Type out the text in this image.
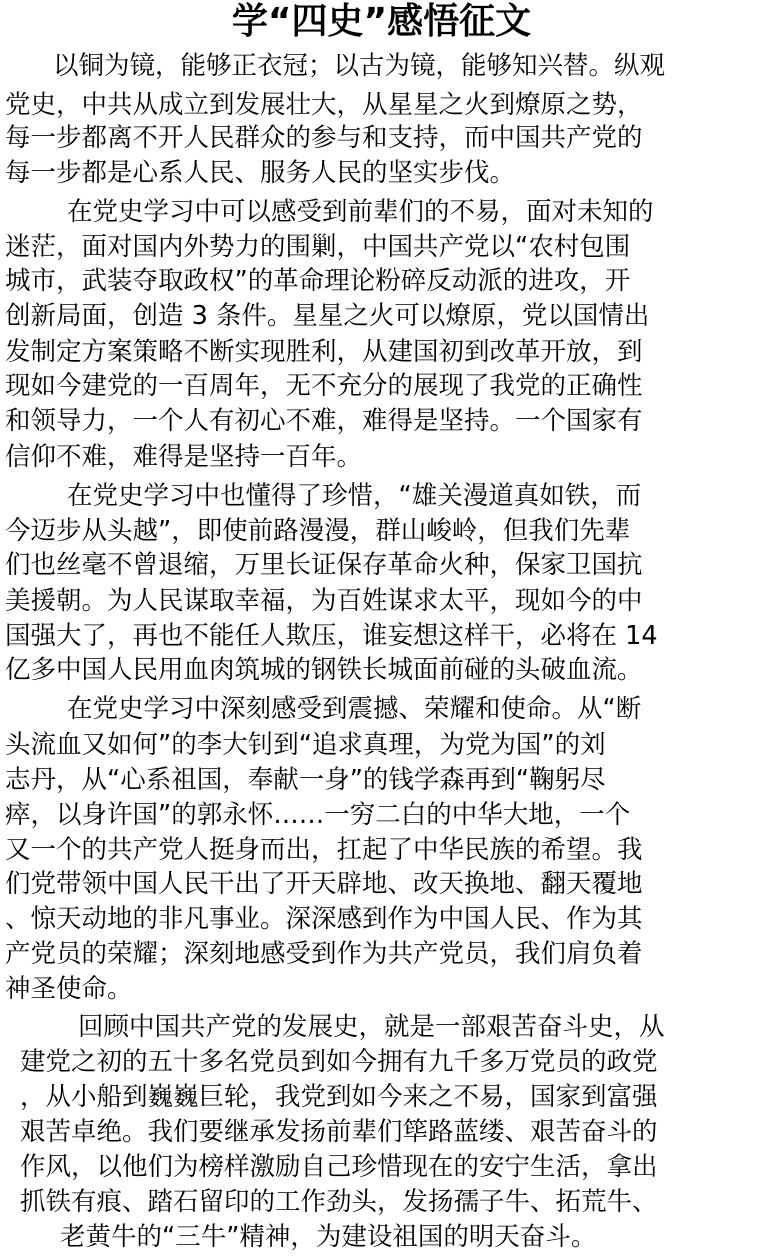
学“四史”感悟征文
以铜为镜，能够正衣冠；以古为镜，能够知兴替。纵观
党史，中共从成立到发展壮大，从星星之火到燎原之势，
每一步都离不开人民群众的参与和支持，而中国共产党的
每一步都是心系人民、服务人民的坚实步伐。
在党史学习中可以感受到前辈们的不易，面对未知的
迷茫，面对国内外势力的围剿，中国共产党以“农村包围
城市，武装夺取政权”的革命理论粉碎反动派的进攻，开
创新局面，创造 3 条件。星星之火可以燎原，党以国情出
发制定方案策略不断实现胜利，从建国初到改革开放，到
现如今建党的一百周年，无不充分的展现了我党的正确性
和领导力，一个人有初心不难，难得是坚持。一个国家有
信仰不难，难得是坚持一百年。
在党史学习中也懂得了珍惜，“雄关漫道真如铁，而
今迈步从头越”，即使前路漫漫，群山峻岭，但我们先辈
们也丝毫不曾退缩，万里长证保存革命火种，保家卫国抗
美援朝。为人民谋取幸福，为百姓谋求太平，现如今的中
国强大了，再也不能任人欺压，谁妄想这样干，必将在 14
亿多中国人民用血肉筑城的钢铁长城面前碰的头破血流。
在党史学习中深刻感受到震撼、荣耀和使命。从“断
头流血又如何”的李大钊到“追求真理，为党为国”的刘
志丹，从“心系祖国，奉献一身”的钱学森再到“鞠躬尽
瘁，以身许国”的郭永怀……一穷二白的中华大地，一个
又一个的共产党人挺身而出，扛起了中华民族的希望。我
们党带领中国人民干出了开天辟地、改天换地、翻天覆地
、惊天动地的非凡事业。深深感到作为中国人民、作为其
产党员的荣耀；深刻地感受到作为共产党员，我们肩负着
神圣使命。
回顾中国共产党的发展史，就是一部艰苦奋斗史，从
建党之初的五十多名党员到如今拥有九千多万党员的政党
，从小船到巍巍巨轮，我党到如今来之不易，国家到富强
艰苦卓绝。我们要继承发扬前辈们筚路蓝缕、艰苦奋斗的
作风，以他们为榜样激励自己珍惜现在的安宁生活，拿出
抓铁有痕、踏石留印的工作劲头，发扬孺子牛、拓荒牛、
老黄牛的“三牛”精神，为建设祖国的明天奋斗。
